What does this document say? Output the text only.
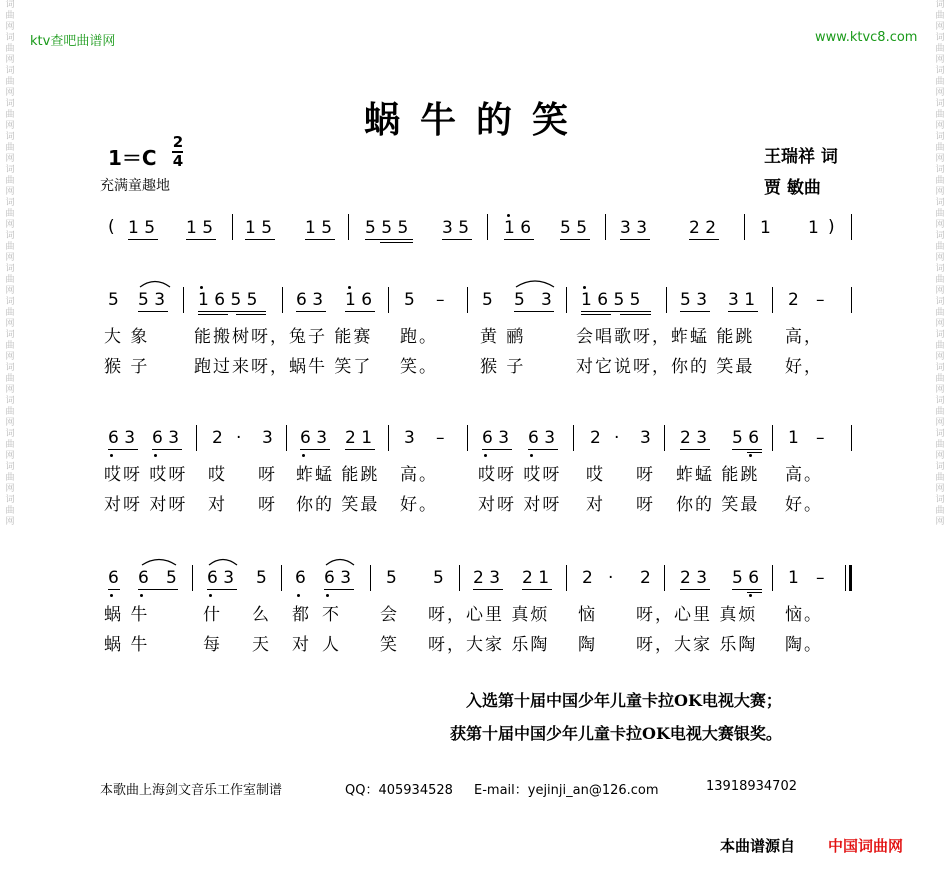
词曲网词曲网词曲网词曲网词曲网词曲网词曲网词曲网词曲网词曲网词曲网词曲网词曲网词曲网词曲网词曲网
词曲网词曲网词曲网词曲网词曲网词曲网词曲网词曲网词曲网词曲网词曲网词曲网词曲网词曲网词曲网词曲网
ktv查吧曲谱网	www.ktvc8.com
蜗牛的笑
1＝C
2
4
充满童趣地
王瑞祥 词
贾 敏曲
( 1 5 1 5 1 5 1 5 5 5 5 3 5 1 6 5 5 3 3 2 2	1 1 )
5 5 3 1 6 5 5 6 3 1 6 5 – 5 5 3 1 6 5 5 5 3 3 1 2 –
大 象	能搬树呀，兔子 能赛 跑。 黄 鹂	会唱歌呀，蚱蜢 能跳 高，
猴 子	跑过来呀，蜗牛 笑了 笑。 猴 子	对它说呀，你的 笑最 好，
6 3 6 3 2 · 3 6 3 2 1 3 – 6 3 6 3 2 · 3 2 3 5 6 1 –
哎呀 哎呀 哎 呀 蚱蜢 能跳 高。 哎呀 哎呀 哎 呀 蚱蜢 能跳 高。
对呀 对呀 对 呀 你的 笑最 好。 对呀 对呀 对 呀 你的 笑最 好。
6 6 5 6 3 5 6 6 3 5 5 2 3 2 1 2 · 2 2 3 5 6 1 –
蜗 牛	什 么 都 不 会 呀，心里 真烦 恼 呀，心里 真烦 恼。
蜗 牛	每 天 对 人 笑 呀，大家 乐陶 陶 呀，大家 乐陶 陶。
入选第十届中国少年儿童卡拉OK电视大赛；
获第十届中国少年儿童卡拉OK电视大赛银奖。
本歌曲上海剑文音乐工作室制谱	QQ：405934528 E-mail：yejinji_an@126.com	13918934702
本曲谱源自 中国词曲网
